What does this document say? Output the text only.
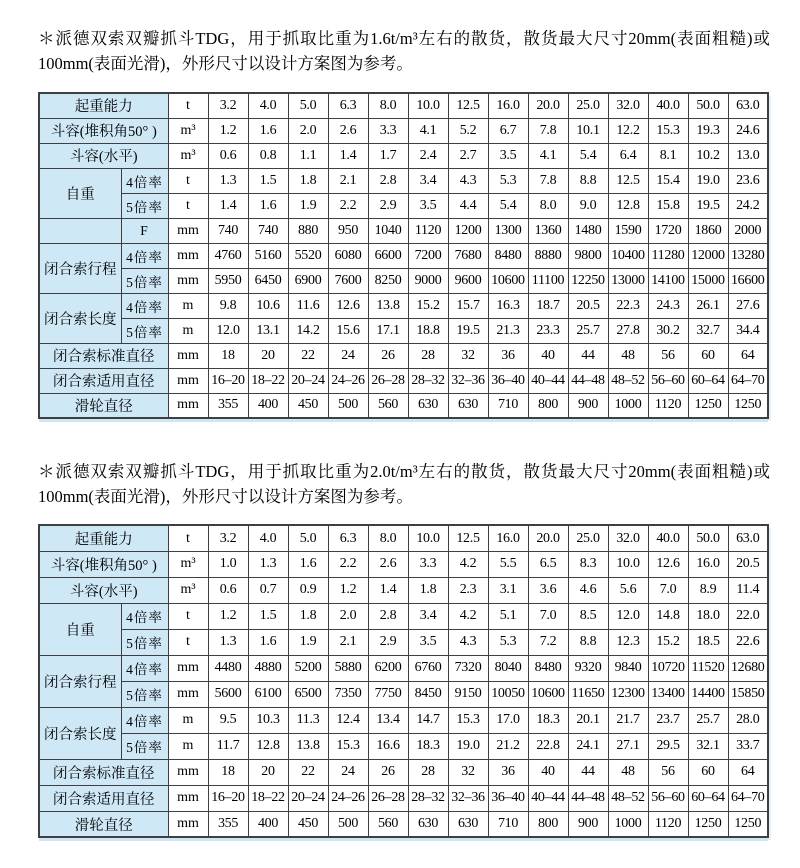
＊派德双索双瓣抓斗TDG，用于抓取比重为1.6t/m³左右的散货，散货最大尺寸20mm(表面粗糙)或100mm(表面光滑)，外形尺寸以设计方案图为参考。

起重能力		t	3.2	4.0	5.0	6.3	8.0	10.0	12.5	16.0	20.0	25.0	32.0	40.0	50.0	63.0
斗容(堆积角50° )		m³	1.2	1.6	2.0	2.6	3.3	4.1	5.2	6.7	7.8	10.1	12.2	15.3	19.3	24.6
斗容(水平)		m³	0.6	0.8	1.1	1.4	1.7	2.4	2.7	3.5	4.1	5.4	6.4	8.1	10.2	13.0
自重	4倍率	t	1.3	1.5	1.8	2.1	2.8	3.4	4.3	5.3	7.8	8.8	12.5	15.4	19.0	23.6
	5倍率	t	1.4	1.6	1.9	2.2	2.9	3.5	4.4	5.4	8.0	9.0	12.8	15.8	19.5	24.2
	F	mm	740	740	880	950	1040	1120	1200	1300	1360	1480	1590	1720	1860	2000
闭合索行程	4倍率	mm	4760	5160	5520	6080	6600	7200	7680	8480	8880	9800	10400	11280	12000	13280
	5倍率	mm	5950	6450	6900	7600	8250	9000	9600	10600	11100	12250	13000	14100	15000	16600
闭合索长度	4倍率	m	9.8	10.6	11.6	12.6	13.8	15.2	15.7	16.3	18.7	20.5	22.3	24.3	26.1	27.6
	5倍率	m	12.0	13.1	14.2	15.6	17.1	18.8	19.5	21.3	23.3	25.7	27.8	30.2	32.7	34.4
闭合索标准直径		mm	18	20	22	24	26	28	32	36	40	44	48	56	60	64
闭合索适用直径		mm	16–20	18–22	20–24	24–26	26–28	28–32	32–36	36–40	40–44	44–48	48–52	56–60	60–64	64–70
滑轮直径		mm	355	400	450	500	560	630	630	710	800	900	1000	1120	1250	1250

＊派德双索双瓣抓斗TDG，用于抓取比重为2.0t/m³左右的散货，散货最大尺寸20mm(表面粗糙)或100mm(表面光滑)，外形尺寸以设计方案图为参考。

起重能力		t	3.2	4.0	5.0	6.3	8.0	10.0	12.5	16.0	20.0	25.0	32.0	40.0	50.0	63.0
斗容(堆积角50° )		m³	1.0	1.3	1.6	2.2	2.6	3.3	4.2	5.5	6.5	8.3	10.0	12.6	16.0	20.5
斗容(水平)		m³	0.6	0.7	0.9	1.2	1.4	1.8	2.3	3.1	3.6	4.6	5.6	7.0	8.9	11.4
自重	4倍率	t	1.2	1.5	1.8	2.0	2.8	3.4	4.2	5.1	7.0	8.5	12.0	14.8	18.0	22.0
	5倍率	t	1.3	1.6	1.9	2.1	2.9	3.5	4.3	5.3	7.2	8.8	12.3	15.2	18.5	22.6
闭合索行程	4倍率	mm	4480	4880	5200	5880	6200	6760	7320	8040	8480	9320	9840	10720	11520	12680
	5倍率	mm	5600	6100	6500	7350	7750	8450	9150	10050	10600	11650	12300	13400	14400	15850
闭合索长度	4倍率	m	9.5	10.3	11.3	12.4	13.4	14.7	15.3	17.0	18.3	20.1	21.7	23.7	25.7	28.0
	5倍率	m	11.7	12.8	13.8	15.3	16.6	18.3	19.0	21.2	22.8	24.1	27.1	29.5	32.1	33.7
闭合索标准直径		mm	18	20	22	24	26	28	32	36	40	44	48	56	60	64
闭合索适用直径		mm	16–20	18–22	20–24	24–26	26–28	28–32	32–36	36–40	40–44	44–48	48–52	56–60	60–64	64–70
滑轮直径		mm	355	400	450	500	560	630	630	710	800	900	1000	1120	1250	1250
